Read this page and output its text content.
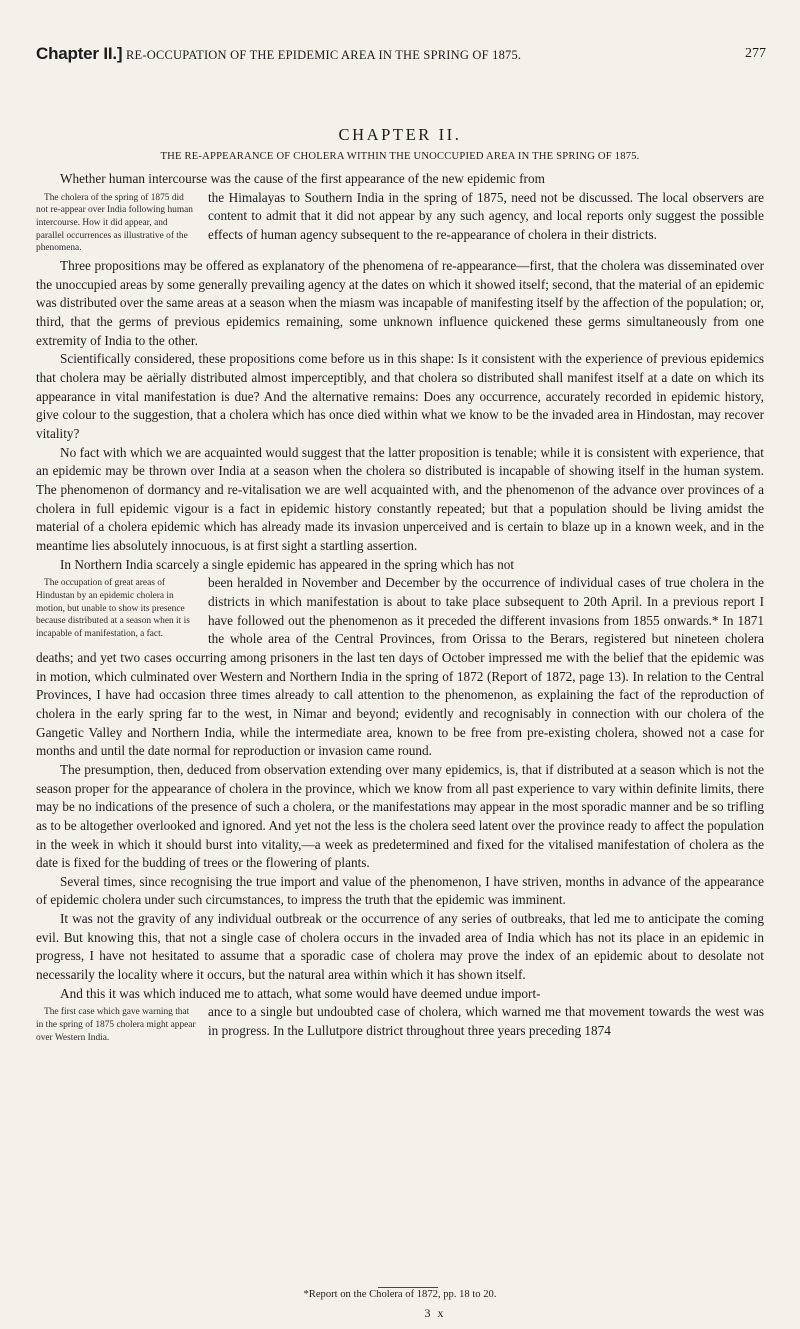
Chapter II.] RE-OCCUPATION OF THE EPIDEMIC AREA IN THE SPRING OF 1875.	277
CHAPTER II.
THE RE-APPEARANCE OF CHOLERA WITHIN THE UNOCCUPIED AREA IN THE SPRING OF 1875.

Whether human intercourse was the cause of the first appearance of the new epidemic from

The cholera of the spring of 1875 did not re-appear over India following human intercourse. How it did appear, and parallel occurrences as illustrative of the phenomena.

the Himalayas to Southern India in the spring of 1875, need not be discussed. The local observers are content to admit that it did not appear by any such agency, and local reports only suggest the possible effects of human agency subsequent to the re-appearance of cholera in their districts.

Three propositions may be offered as explanatory of the phenomena of re-appearance—first, that the cholera was disseminated over the unoccupied areas by some generally prevailing agency at the dates on which it showed itself; second, that the material of an epidemic was distributed over the same areas at a season when the miasm was incapable of manifesting itself by the affection of the population; or, third, that the germs of previous epidemics remaining, some unknown influence quickened these germs simultaneously from one extremity of India to the other.

Scientifically considered, these propositions come before us in this shape: Is it consistent with the experience of previous epidemics that cholera may be aërially distributed almost imperceptibly, and that cholera so distributed shall manifest itself at a date on which its appearance in vital manifestation is due? And the alternative remains: Does any occurrence, accurately recorded in epidemic history, give colour to the suggestion, that a cholera which has once died within what we know to be the invaded area in Hindostan, may recover vitality?

No fact with which we are acquainted would suggest that the latter proposition is tenable; while it is consistent with experience, that an epidemic may be thrown over India at a season when the cholera so distributed is incapable of showing itself in the human system. The phenomenon of dormancy and re-vitalisation we are well acquainted with, and the phenomenon of the advance over provinces of a cholera in full epidemic vigour is a fact in epidemic history constantly repeated; but that a population should be living amidst the material of a cholera epidemic which has already made its invasion unperceived and is certain to blaze up in a known week, and in the meantime lies absolutely innocuous, is at first sight a startling assertion.

In Northern India scarcely a single epidemic has appeared in the spring which has not

The occupation of great areas of Hindustan by an epidemic cholera in motion, but unable to show its presence because distributed at a season when it is incapable of manifestation, a fact.

been heralded in November and December by the occurrence of individual cases of true cholera in the districts in which manifestation is about to take place subsequent to 20th April. In a previous report I have followed out the phenomenon as it preceded the different invasions from 1855 onwards.* In 1871 the whole area of the Central Provinces, from Orissa to the Berars, registered but nineteen cholera deaths; and yet two cases occurring among prisoners in the last ten days of October impressed me with the belief that the epidemic was in motion, which culminated over Western and Northern India in the spring of 1872 (Report of 1872, page 13). In relation to the Central Provinces, I have had occasion three times already to call attention to the phenomenon, as explaining the fact of the reproduction of cholera in the early spring far to the west, in Nimar and beyond; evidently and recognisably in connection with our cholera of the Gangetic Valley and Northern India, while the intermediate area, known to be free from pre-existing cholera, showed not a case for months and until the date normal for reproduction or invasion came round.

The presumption, then, deduced from observation extending over many epidemics, is, that if distributed at a season which is not the season proper for the appearance of cholera in the province, which we know from all past experience to vary within definite limits, there may be no indications of the presence of such a cholera, or the manifestations may appear in the most sporadic manner and be so trifling as to be altogether overlooked and ignored. And yet not the less is the cholera seed latent over the province ready to affect the population in the week in which it should burst into vitality,—a week as predetermined and fixed for the vitalised manifestation of cholera as the date is fixed for the budding of trees or the flowering of plants.

Several times, since recognising the true import and value of the phenomenon, I have striven, months in advance of the appearance of epidemic cholera under such circumstances, to impress the truth that the epidemic was imminent.

It was not the gravity of any individual outbreak or the occurrence of any series of outbreaks, that led me to anticipate the coming evil. But knowing this, that not a single case of cholera occurs in the invaded area of India which has not its place in an epidemic in progress, I have not hesitated to assume that a sporadic case of cholera may prove the index of an epidemic about to desolate not necessarily the locality where it occurs, but the natural area within which it has shown itself.

And this it was which induced me to attach, what some would have deemed undue import-

The first case which gave warning that in the spring of 1875 cholera might appear over Western India.

ance to a single but undoubted case of cholera, which warned me that movement towards the west was in progress. In the Lullutpore district throughout three years preceding 1874

*Report on the Cholera of 1872, pp. 18 to 20.
3 x
